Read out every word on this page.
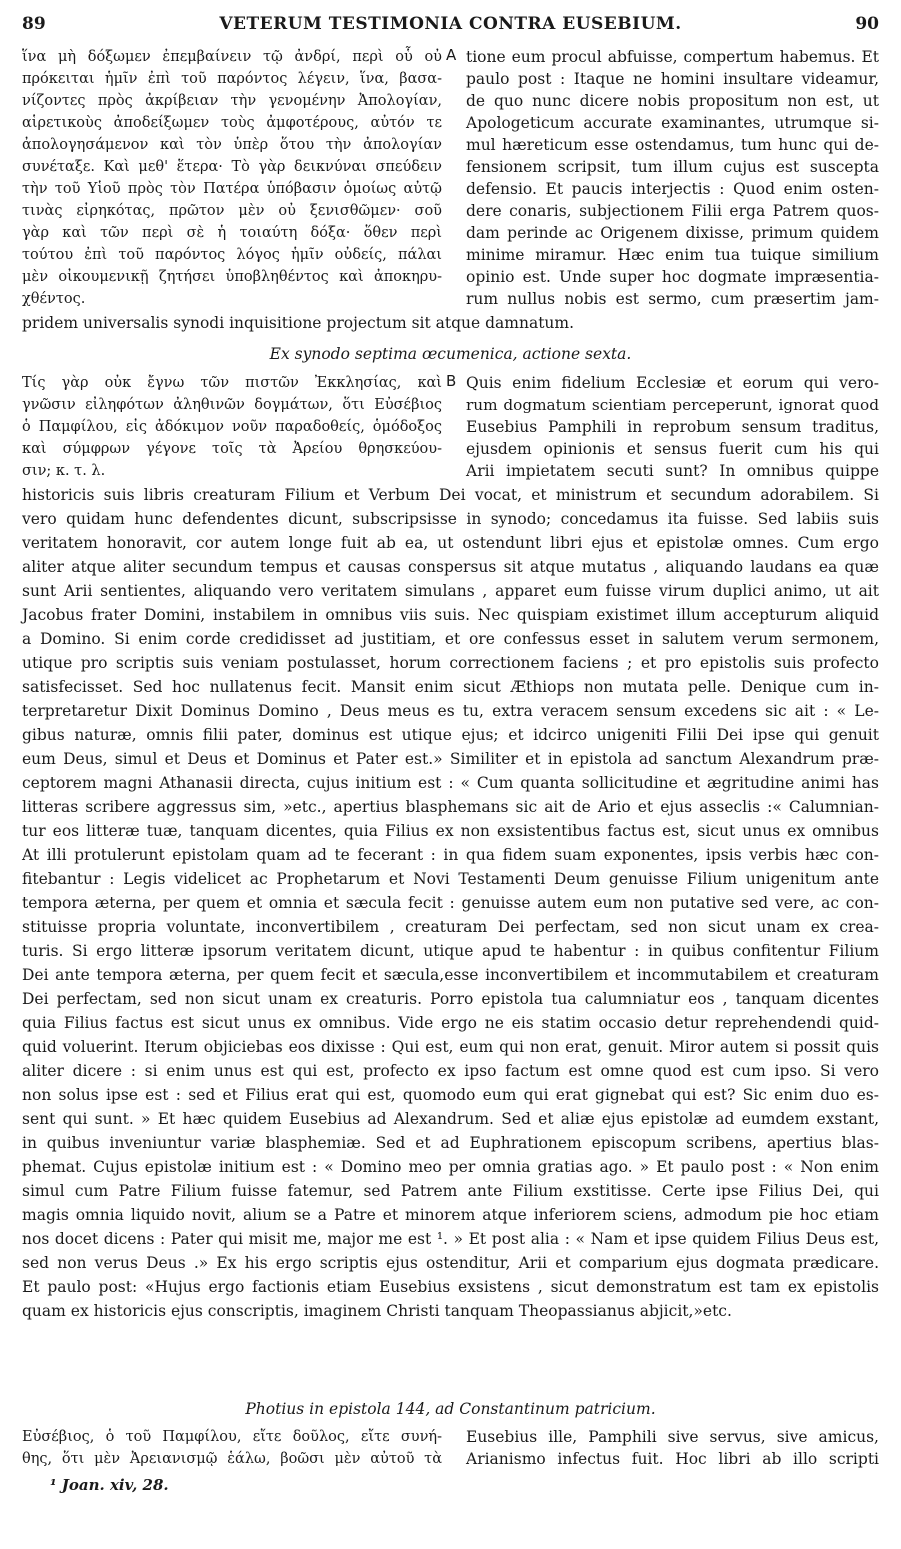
89	VETERUM TESTIMONIA CONTRA EUSEBIUM.	90
ἵνα μὴ δόξωμεν ἐπεμβαίνειν τῷ ἀνδρί, περὶ οὗ οὐ
πρόκειται ἡμῖν ἐπὶ τοῦ παρόντος λέγειν, ἵνα, βασα-
νίζοντες πρὸς ἀκρίβειαν τὴν γενομένην Ἀπολογίαν,
αἱρετικοὺς ἀποδείξωμεν τοὺς ἀμφοτέρους, αὐτόν τε
ἀπολογησάμενον καὶ τὸν ὑπὲρ ὅτου τὴν ἀπολογίαν
συνέταξε. Καὶ μεθ' ἕτερα· Τὸ γὰρ δεικνύναι σπεύδειν
τὴν τοῦ Υἱοῦ πρὸς τὸν Πατέρα ὑπόβασιν ὁμοίως αὐτῷ
τινὰς εἰρηκότας, πρῶτον μὲν οὐ ξενισθῶμεν· σοῦ
γὰρ καὶ τῶν περὶ σὲ ἡ τοιαύτη δόξα· ὅθεν περὶ
τούτου ἐπὶ τοῦ παρόντος λόγος ἡμῖν οὐδείς, πάλαι
μὲν οἰκουμενικῇ ζητήσει ὑποβληθέντος καὶ ἀποκηρυ-
χθέντος.
A tione eum procul abfuisse, compertum habemus. Et
paulo post : Itaque ne homini insultare videamur,
de quo nunc dicere nobis propositum non est, ut
Apologeticum accurate examinantes, utrumque si-
mul hæreticum esse ostendamus, tum hunc qui de-
fensionem scripsit, tum illum cujus est suscepta
defensio. Et paucis interjectis : Quod enim osten-
dere conaris, subjectionem Filii erga Patrem quos-
dam perinde ac Origenem dixisse, primum quidem
minime miramur. Hæc enim tua tuique similium
opinio est. Unde super hoc dogmate impræsentia-
rum nullus nobis est sermo, cum præsertim jam-
pridem universalis synodi inquisitione projectum sit atque damnatum.
Ex synodo septima œcumenica, actione sexta.
Τίς γὰρ οὐκ ἔγνω τῶν πιστῶν Ἐκκλησίας, καὶ
γνῶσιν εἰληφότων ἀληθινῶν δογμάτων, ὅτι Εὐσέβιος
ὁ Παμφίλου, εἰς ἀδόκιμον νοῦν παραδοθείς, ὁμόδοξος
καὶ σύμφρων γέγονε τοῖς τὰ Ἀρείου θρησκεύου-
σιν; κ. τ. λ.
B Quis enim fidelium Ecclesiæ et eorum qui vero-
rum dogmatum scientiam perceperunt, ignorat quod
Eusebius Pamphili in reprobum sensum traditus,
ejusdem opinionis et sensus fuerit cum his qui
Arii impietatem secuti sunt? In omnibus quippe
historicis suis libris creaturam Filium et Verbum Dei vocat, et ministrum et secundum adorabilem. Si
vero quidam hunc defendentes dicunt, subscripsisse in synodo; concedamus ita fuisse. Sed labiis suis
veritatem honoravit, cor autem longe fuit ab ea, ut ostendunt libri ejus et epistolæ omnes. Cum ergo
aliter atque aliter secundum tempus et causas conspersus sit atque mutatus , aliquando laudans ea quæ
sunt Arii sentientes, aliquando vero veritatem simulans , apparet eum fuisse virum duplici animo, ut ait
Jacobus frater Domini, instabilem in omnibus viis suis. Nec quispiam existimet illum accepturum aliquid
a Domino. Si enim corde credidisset ad justitiam, et ore confessus esset in salutem verum sermonem,
utique pro scriptis suis veniam postulasset, horum correctionem faciens ; et pro epistolis suis profecto
satisfecisset. Sed hoc nullatenus fecit. Mansit enim sicut Æthiops non mutata pelle. Denique cum in-
terpretaretur Dixit Dominus Domino , Deus meus es tu, extra veracem sensum excedens sic ait : « Le-
gibus naturæ, omnis filii pater, dominus est utique ejus; et idcirco unigeniti Filii Dei ipse qui genuit
eum Deus, simul et Deus et Dominus et Pater est.» Similiter et in epistola ad sanctum Alexandrum præ-
ceptorem magni Athanasii directa, cujus initium est : « Cum quanta sollicitudine et ægritudine animi has
litteras scribere aggressus sim, »etc., apertius blasphemans sic ait de Ario et ejus asseclis :« Calumnian-
tur eos litteræ tuæ, tanquam dicentes, quia Filius ex non exsistentibus factus est, sicut unus ex omnibus
At illi protulerunt epistolam quam ad te fecerant : in qua fidem suam exponentes, ipsis verbis hæc con-
fitebantur : Legis videlicet ac Prophetarum et Novi Testamenti Deum genuisse Filium unigenitum ante
tempora æterna, per quem et omnia et sæcula fecit : genuisse autem eum non putative sed vere, ac con-
stituisse propria voluntate, inconvertibilem , creaturam Dei perfectam, sed non sicut unam ex crea-
turis. Si ergo litteræ ipsorum veritatem dicunt, utique apud te habentur : in quibus confitentur Filium
Dei ante tempora æterna, per quem fecit et sæcula,esse inconvertibilem et incommutabilem et creaturam
Dei perfectam, sed non sicut unam ex creaturis. Porro epistola tua calumniatur eos , tanquam dicentes
quia Filius factus est sicut unus ex omnibus. Vide ergo ne eis statim occasio detur reprehendendi quid-
quid voluerint. Iterum objiciebas eos dixisse : Qui est, eum qui non erat, genuit. Miror autem si possit quis
aliter dicere : si enim unus est qui est, profecto ex ipso factum est omne quod est cum ipso. Si vero
non solus ipse est : sed et Filius erat qui est, quomodo eum qui erat gignebat qui est? Sic enim duo es-
sent qui sunt. » Et hæc quidem Eusebius ad Alexandrum. Sed et aliæ ejus epistolæ ad eumdem exstant,
in quibus inveniuntur variæ blasphemiæ. Sed et ad Euphrationem episcopum scribens, apertius blas-
phemat. Cujus epistolæ initium est : « Domino meo per omnia gratias ago. » Et paulo post : « Non enim
simul cum Patre Filium fuisse fatemur, sed Patrem ante Filium exstitisse. Certe ipse Filius Dei, qui
magis omnia liquido novit, alium se a Patre et minorem atque inferiorem sciens, admodum pie hoc etiam
nos docet dicens : Pater qui misit me, major me est ¹. » Et post alia : « Nam et ipse quidem Filius Deus est,
sed non verus Deus .» Ex his ergo scriptis ejus ostenditur, Arii et comparium ejus dogmata prædicare.
Et paulo post: «Hujus ergo factionis etiam Eusebius exsistens , sicut demonstratum est tam ex epistolis
quam ex historicis ejus conscriptis, imaginem Christi tanquam Theopassianus abjicit,»etc.
Photius in epistola 144, ad Constantinum patricium.
Εὐσέβιος, ὁ τοῦ Παμφίλου, εἴτε δοῦλος, εἴτε συνή-
θης, ὅτι μὲν Ἀρειανισμῷ ἑάλω, βοῶσι μὲν αὐτοῦ τὰ
Eusebius ille, Pamphili sive servus, sive amicus,
Arianismo infectus fuit. Hoc libri ab illo scripti
¹ Joan. xiv, 28.
